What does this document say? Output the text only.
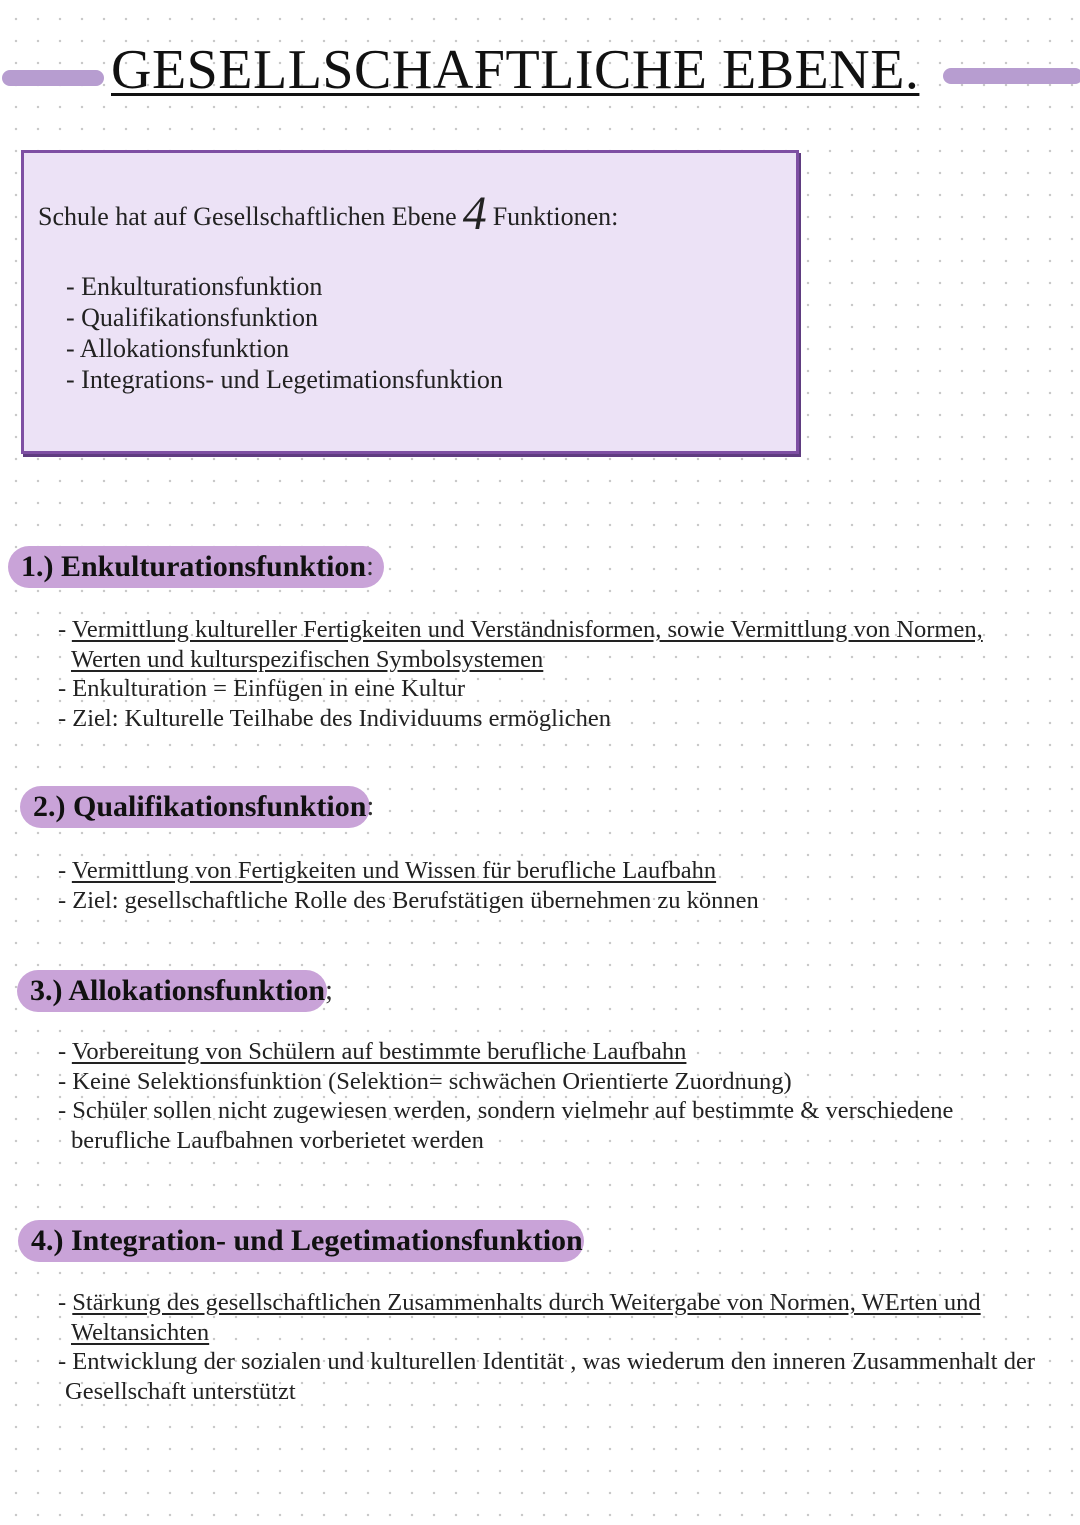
GESELLSCHAFTLICHE EBENE.
Schule hat auf Gesellschaftlichen Ebene 4 Funktionen:
- Enkulturationsfunktion
- Qualifikationsfunktion
- Allokationsfunktion
- Integrations- und Legetimationsfunktion
1.) Enkulturationsfunktion :
- Vermittlung kultureller Fertigkeiten und Verständnisformen, sowie Vermittlung von Normen,
Werten und kulturspezifischen Symbolsystemen
- Enkulturation = Einfügen in eine Kultur
- Ziel: Kulturelle Teilhabe des Individuums ermöglichen
2.) Qualifikationsfunktion :
- Vermittlung von Fertigkeiten und Wissen für berufliche Laufbahn
- Ziel: gesellschaftliche Rolle des Berufstätigen übernehmen zu können
3.) Allokationsfunktion ;
- Vorbereitung von Schülern auf bestimmte berufliche Laufbahn
- Keine Selektionsfunktion (Selektion= schwächen Orientierte Zuordnung)
- Schüler sollen nicht zugewiesen werden, sondern vielmehr auf bestimmte & verschiedene
berufliche Laufbahnen vorberietet werden
4.) Integration- und Legetimationsfunktion
- Stärkung des gesellschaftlichen Zusammenhalts durch Weitergabe von Normen, WErten und
Weltansichten
- Entwicklung der sozialen und kulturellen Identität , was wiederum den inneren Zusammenhalt der
Gesellschaft unterstützt
